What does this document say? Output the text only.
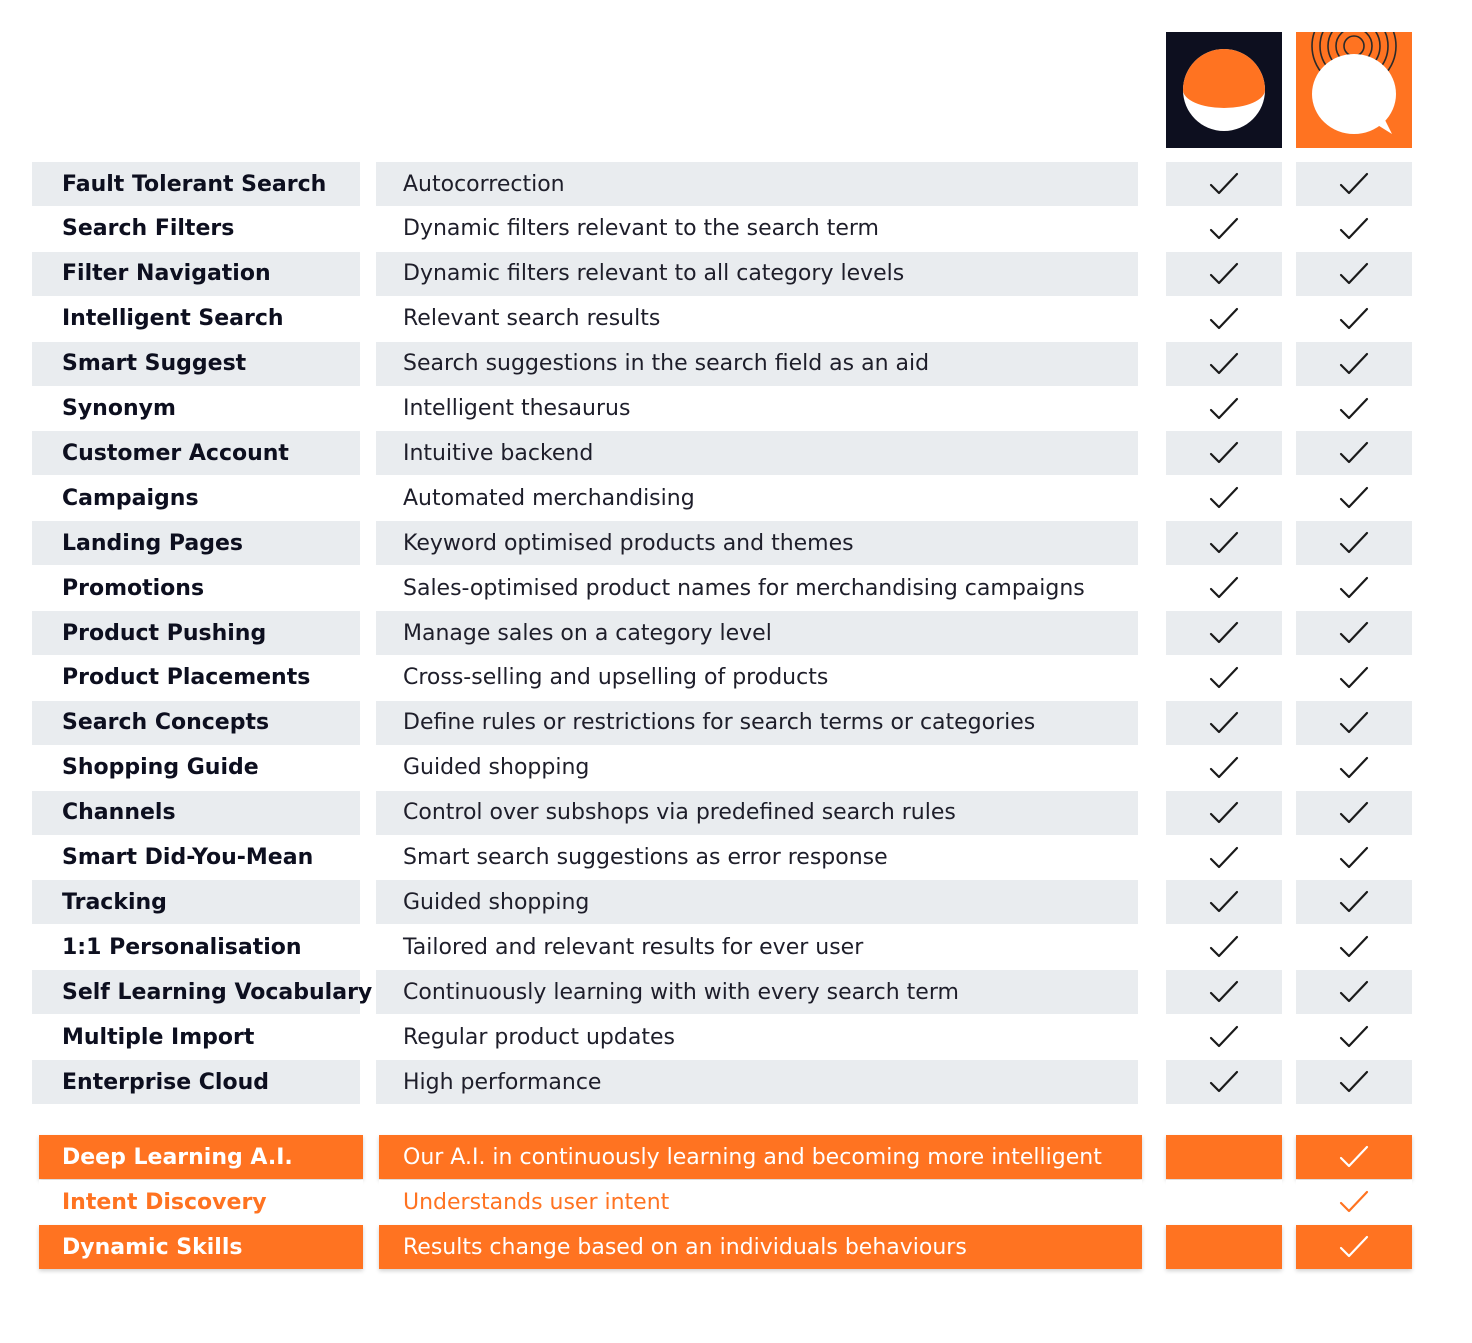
Fault Tolerant Search	Autocorrection
Search Filters	Dynamic filters relevant to the search term
Filter Navigation	Dynamic filters relevant to all category levels
Intelligent Search	Relevant search results
Smart Suggest	Search suggestions in the search field as an aid
Synonym	Intelligent thesaurus
Customer Account	Intuitive backend
Campaigns	Automated merchandising
Landing Pages	Keyword optimised products and themes
Promotions	Sales-optimised product names for merchandising campaigns
Product Pushing	Manage sales on a category level
Product Placements	Cross-selling and upselling of products
Search Concepts	Define rules or restrictions for search terms or categories
Shopping Guide	Guided shopping
Channels	Control over subshops via predefined search rules
Smart Did-You-Mean	Smart search suggestions as error response
Tracking	Guided shopping
1:1 Personalisation	Tailored and relevant results for ever user
Self Learning Vocabulary	Continuously learning with with every search term
Multiple Import	Regular product updates
Enterprise Cloud	High performance
Deep Learning A.I.	Our A.I. in continuously learning and becoming more intelligent
Intent Discovery	Understands user intent
Dynamic Skills	Results change based on an individuals behaviours
